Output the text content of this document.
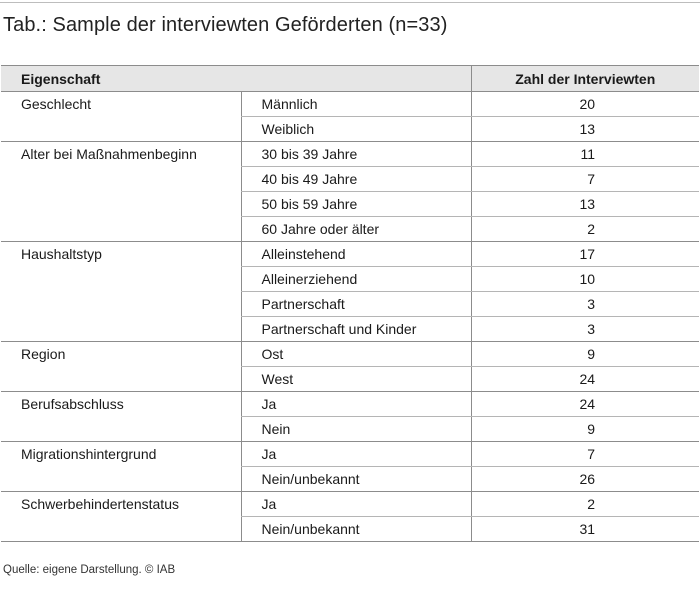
Tab.: Sample der interviewten Geförderten (n=33)
Eigenschaft		Zahl der Interviewten
Geschlecht	Männlich	20
	Weiblich	13
Alter bei Maßnahmenbeginn	30 bis 39 Jahre	11
	40 bis 49 Jahre	7
	50 bis 59 Jahre	13
	60 Jahre oder älter	2
Haushaltstyp	Alleinstehend	17
	Alleinerziehend	10
	Partnerschaft	3
	Partnerschaft und Kinder	3
Region	Ost	9
	West	24
Berufsabschluss	Ja	24
	Nein	9
Migrationshintergrund	Ja	7
	Nein/unbekannt	26
Schwerbehindertenstatus	Ja	2
	Nein/unbekannt	31
Quelle: eigene Darstellung. © IAB
